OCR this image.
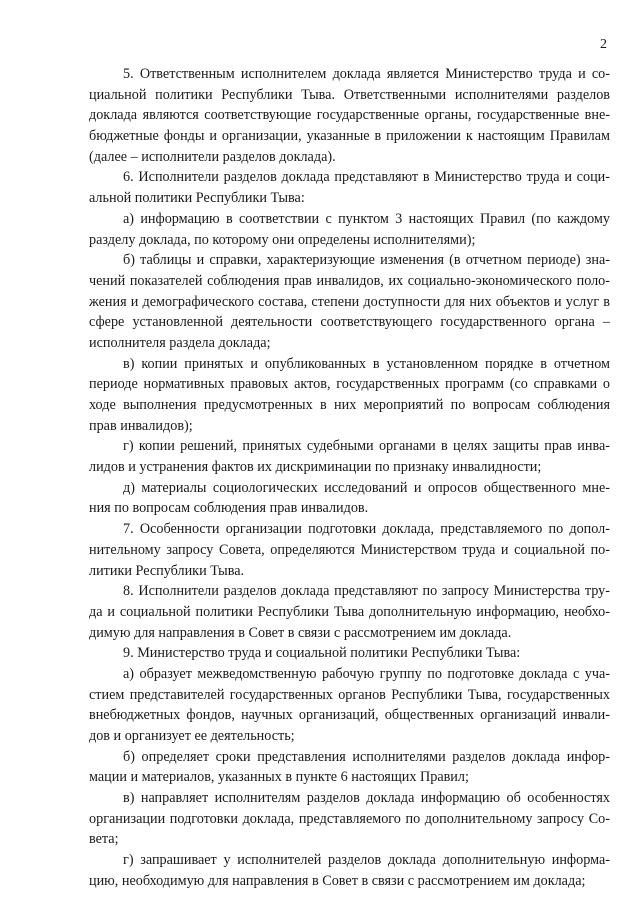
2
5. Ответственным исполнителем доклада является Министерство труда и со-
циальной политики Республики Тыва. Ответственными исполнителями разделов
доклада являются соответствующие государственные органы, государственные вне-
бюджетные фонды и организации, указанные в приложении к настоящим Правилам
(далее – исполнители разделов доклада).
6. Исполнители разделов доклада представляют в Министерство труда и соци-
альной политики Республики Тыва:
а) информацию в соответствии с пунктом 3 настоящих Правил (по каждому
разделу доклада, по которому они определены исполнителями);
б) таблицы и справки, характеризующие изменения (в отчетном периоде) зна-
чений показателей соблюдения прав инвалидов, их социально-экономического поло-
жения и демографического состава, степени доступности для них объектов и услуг в
сфере установленной деятельности соответствующего государственного органа –
исполнителя раздела доклада;
в) копии принятых и опубликованных в установленном порядке в отчетном
периоде нормативных правовых актов, государственных программ (со справками о
ходе выполнения предусмотренных в них мероприятий по вопросам соблюдения
прав инвалидов);
г) копии решений, принятых судебными органами в целях защиты прав инва-
лидов и устранения фактов их дискриминации по признаку инвалидности;
д) материалы социологических исследований и опросов общественного мне-
ния по вопросам соблюдения прав инвалидов.
7. Особенности организации подготовки доклада, представляемого по допол-
нительному запросу Совета, определяются Министерством труда и социальной по-
литики Республики Тыва.
8. Исполнители разделов доклада представляют по запросу Министерства тру-
да и социальной политики Республики Тыва дополнительную информацию, необхо-
димую для направления в Совет в связи с рассмотрением им доклада.
9. Министерство труда и социальной политики Республики Тыва:
а) образует межведомственную рабочую группу по подготовке доклада с уча-
стием представителей государственных органов Республики Тыва, государственных
внебюджетных фондов, научных организаций, общественных организаций инвали-
дов и организует ее деятельность;
б) определяет сроки представления исполнителями разделов доклада инфор-
мации и материалов, указанных в пункте 6 настоящих Правил;
в) направляет исполнителям разделов доклада информацию об особенностях
организации подготовки доклада, представляемого по дополнительному запросу Со-
вета;
г) запрашивает у исполнителей разделов доклада дополнительную информа-
цию, необходимую для направления в Совет в связи с рассмотрением им доклада;
